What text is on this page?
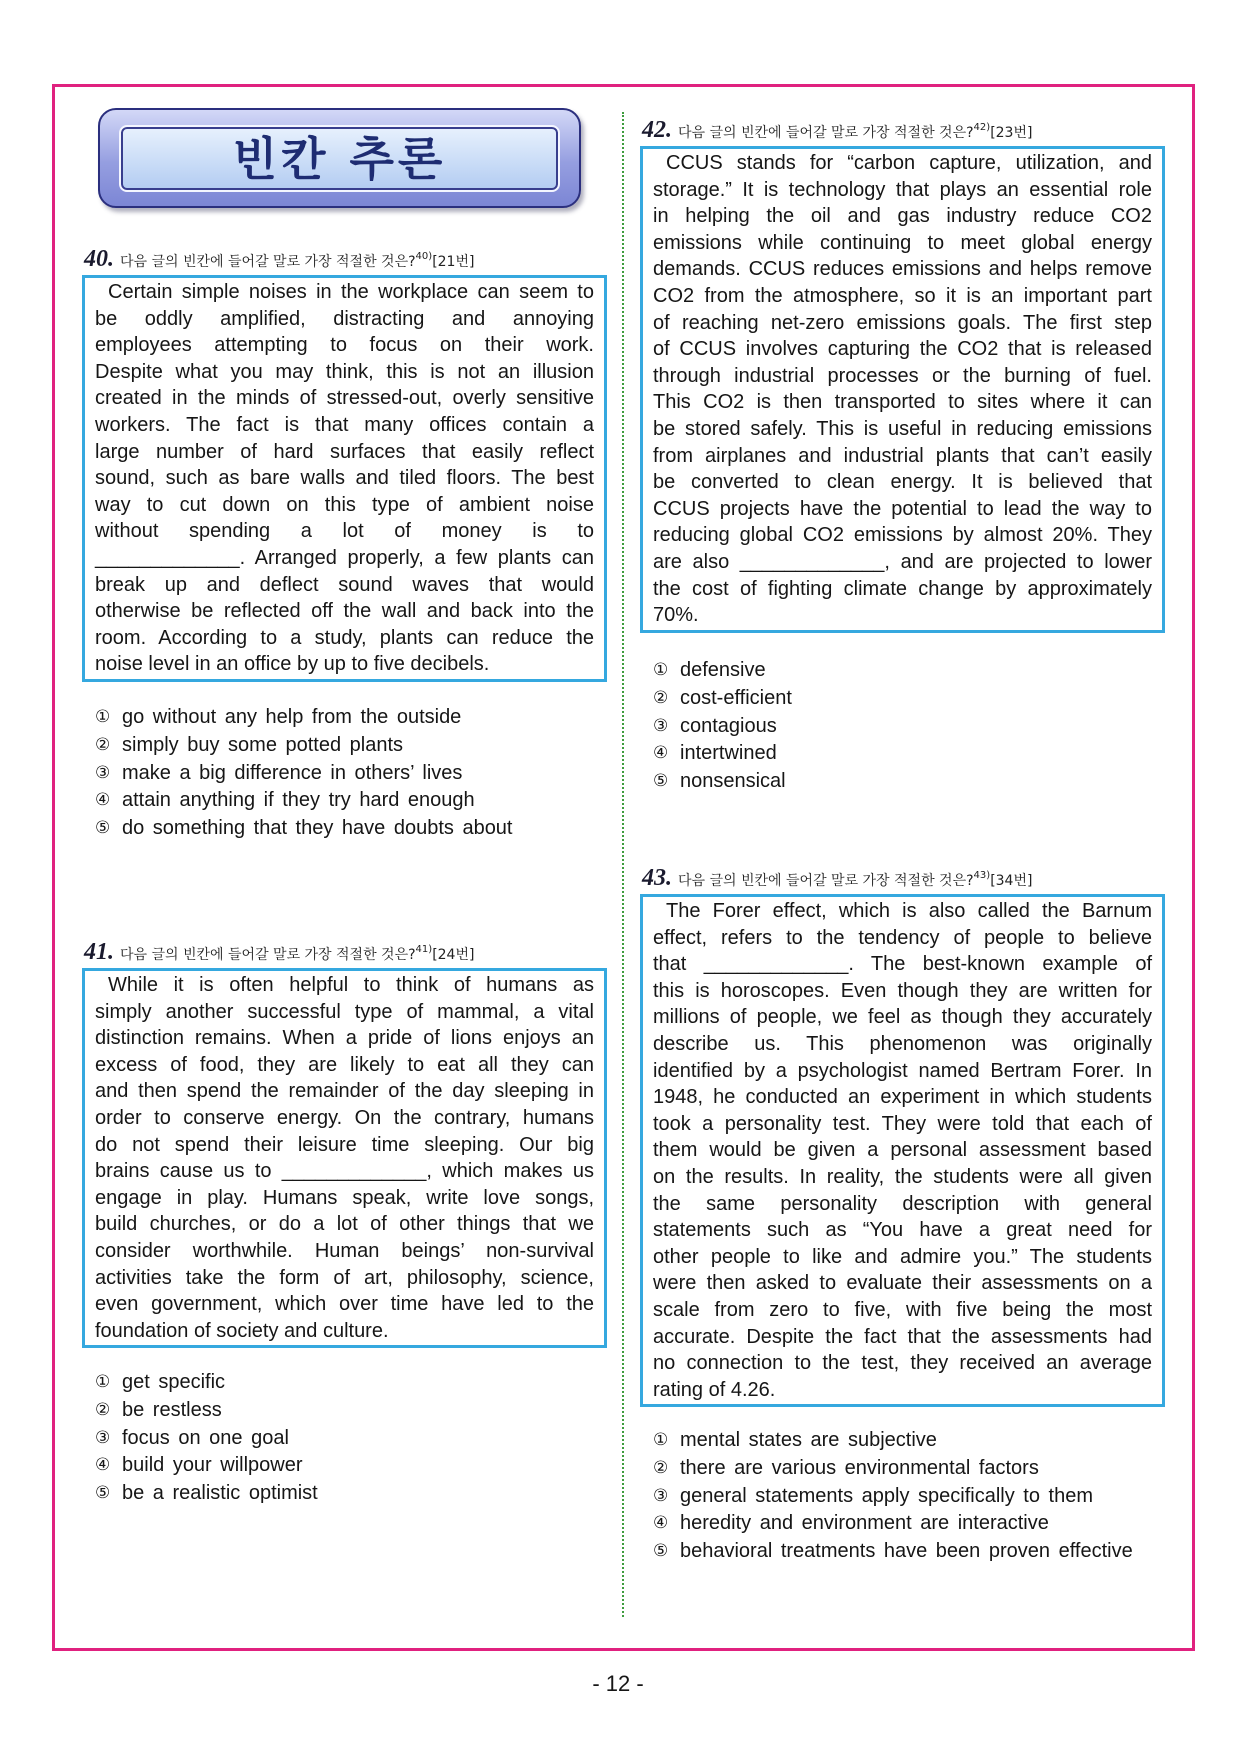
빈칸 추론
40. 다음 글의 빈칸에 들어갈 말로 가장 적절한 것은? 40) [21번]
Certain simple noises in the workplace can seem to
be oddly amplified, distracting and annoying
employees attempting to focus on their work.
Despite what you may think, this is not an illusion
created in the minds of stressed-out, overly sensitive
workers. The fact is that many offices contain a
large number of hard surfaces that easily reflect
sound, such as bare walls and tiled floors. The best
way to cut down on this type of ambient noise
without spending a lot of money is to
_____________. Arranged properly, a few plants can
break up and deflect sound waves that would
otherwise be reflected off the wall and back into the
room. According to a study, plants can reduce the
noise level in an office by up to five decibels.
① go without any help from the outside
② simply buy some potted plants
③ make a big difference in others’ lives
④ attain anything if they try hard enough
⑤ do something that they have doubts about
41. 다음 글의 빈칸에 들어갈 말로 가장 적절한 것은? 41) [24번]
While it is often helpful to think of humans as
simply another successful type of mammal, a vital
distinction remains. When a pride of lions enjoys an
excess of food, they are likely to eat all they can
and then spend the remainder of the day sleeping in
order to conserve energy. On the contrary, humans
do not spend their leisure time sleeping. Our big
brains cause us to _____________, which makes us
engage in play. Humans speak, write love songs,
build churches, or do a lot of other things that we
consider worthwhile. Human beings’ non-survival
activities take the form of art, philosophy, science,
even government, which over time have led to the
foundation of society and culture.
① get specific
② be restless
③ focus on one goal
④ build your willpower
⑤ be a realistic optimist
42. 다음 글의 빈칸에 들어갈 말로 가장 적절한 것은? 42) [23번]
CCUS stands for “carbon capture, utilization, and
storage.” It is technology that plays an essential role
in helping the oil and gas industry reduce CO2
emissions while continuing to meet global energy
demands. CCUS reduces emissions and helps remove
CO2 from the atmosphere, so it is an important part
of reaching net-zero emissions goals. The first step
of CCUS involves capturing the CO2 that is released
through industrial processes or the burning of fuel.
This CO2 is then transported to sites where it can
be stored safely. This is useful in reducing emissions
from airplanes and industrial plants that can’t easily
be converted to clean energy. It is believed that
CCUS projects have the potential to lead the way to
reducing global CO2 emissions by almost 20%. They
are also _____________, and are projected to lower
the cost of fighting climate change by approximately
70%.
① defensive
② cost-efficient
③ contagious
④ intertwined
⑤ nonsensical
43. 다음 글의 빈칸에 들어갈 말로 가장 적절한 것은? 43) [34번]
The Forer effect, which is also called the Barnum
effect, refers to the tendency of people to believe
that _____________. The best-known example of
this is horoscopes. Even though they are written for
millions of people, we feel as though they accurately
describe us. This phenomenon was originally
identified by a psychologist named Bertram Forer. In
1948, he conducted an experiment in which students
took a personality test. They were told that each of
them would be given a personal assessment based
on the results. In reality, the students were all given
the same personality description with general
statements such as “You have a great need for
other people to like and admire you.” The students
were then asked to evaluate their assessments on a
scale from zero to five, with five being the most
accurate. Despite the fact that the assessments had
no connection to the test, they received an average
rating of 4.26.
① mental states are subjective
② there are various environmental factors
③ general statements apply specifically to them
④ heredity and environment are interactive
⑤ behavioral treatments have been proven effective
- 12 -
